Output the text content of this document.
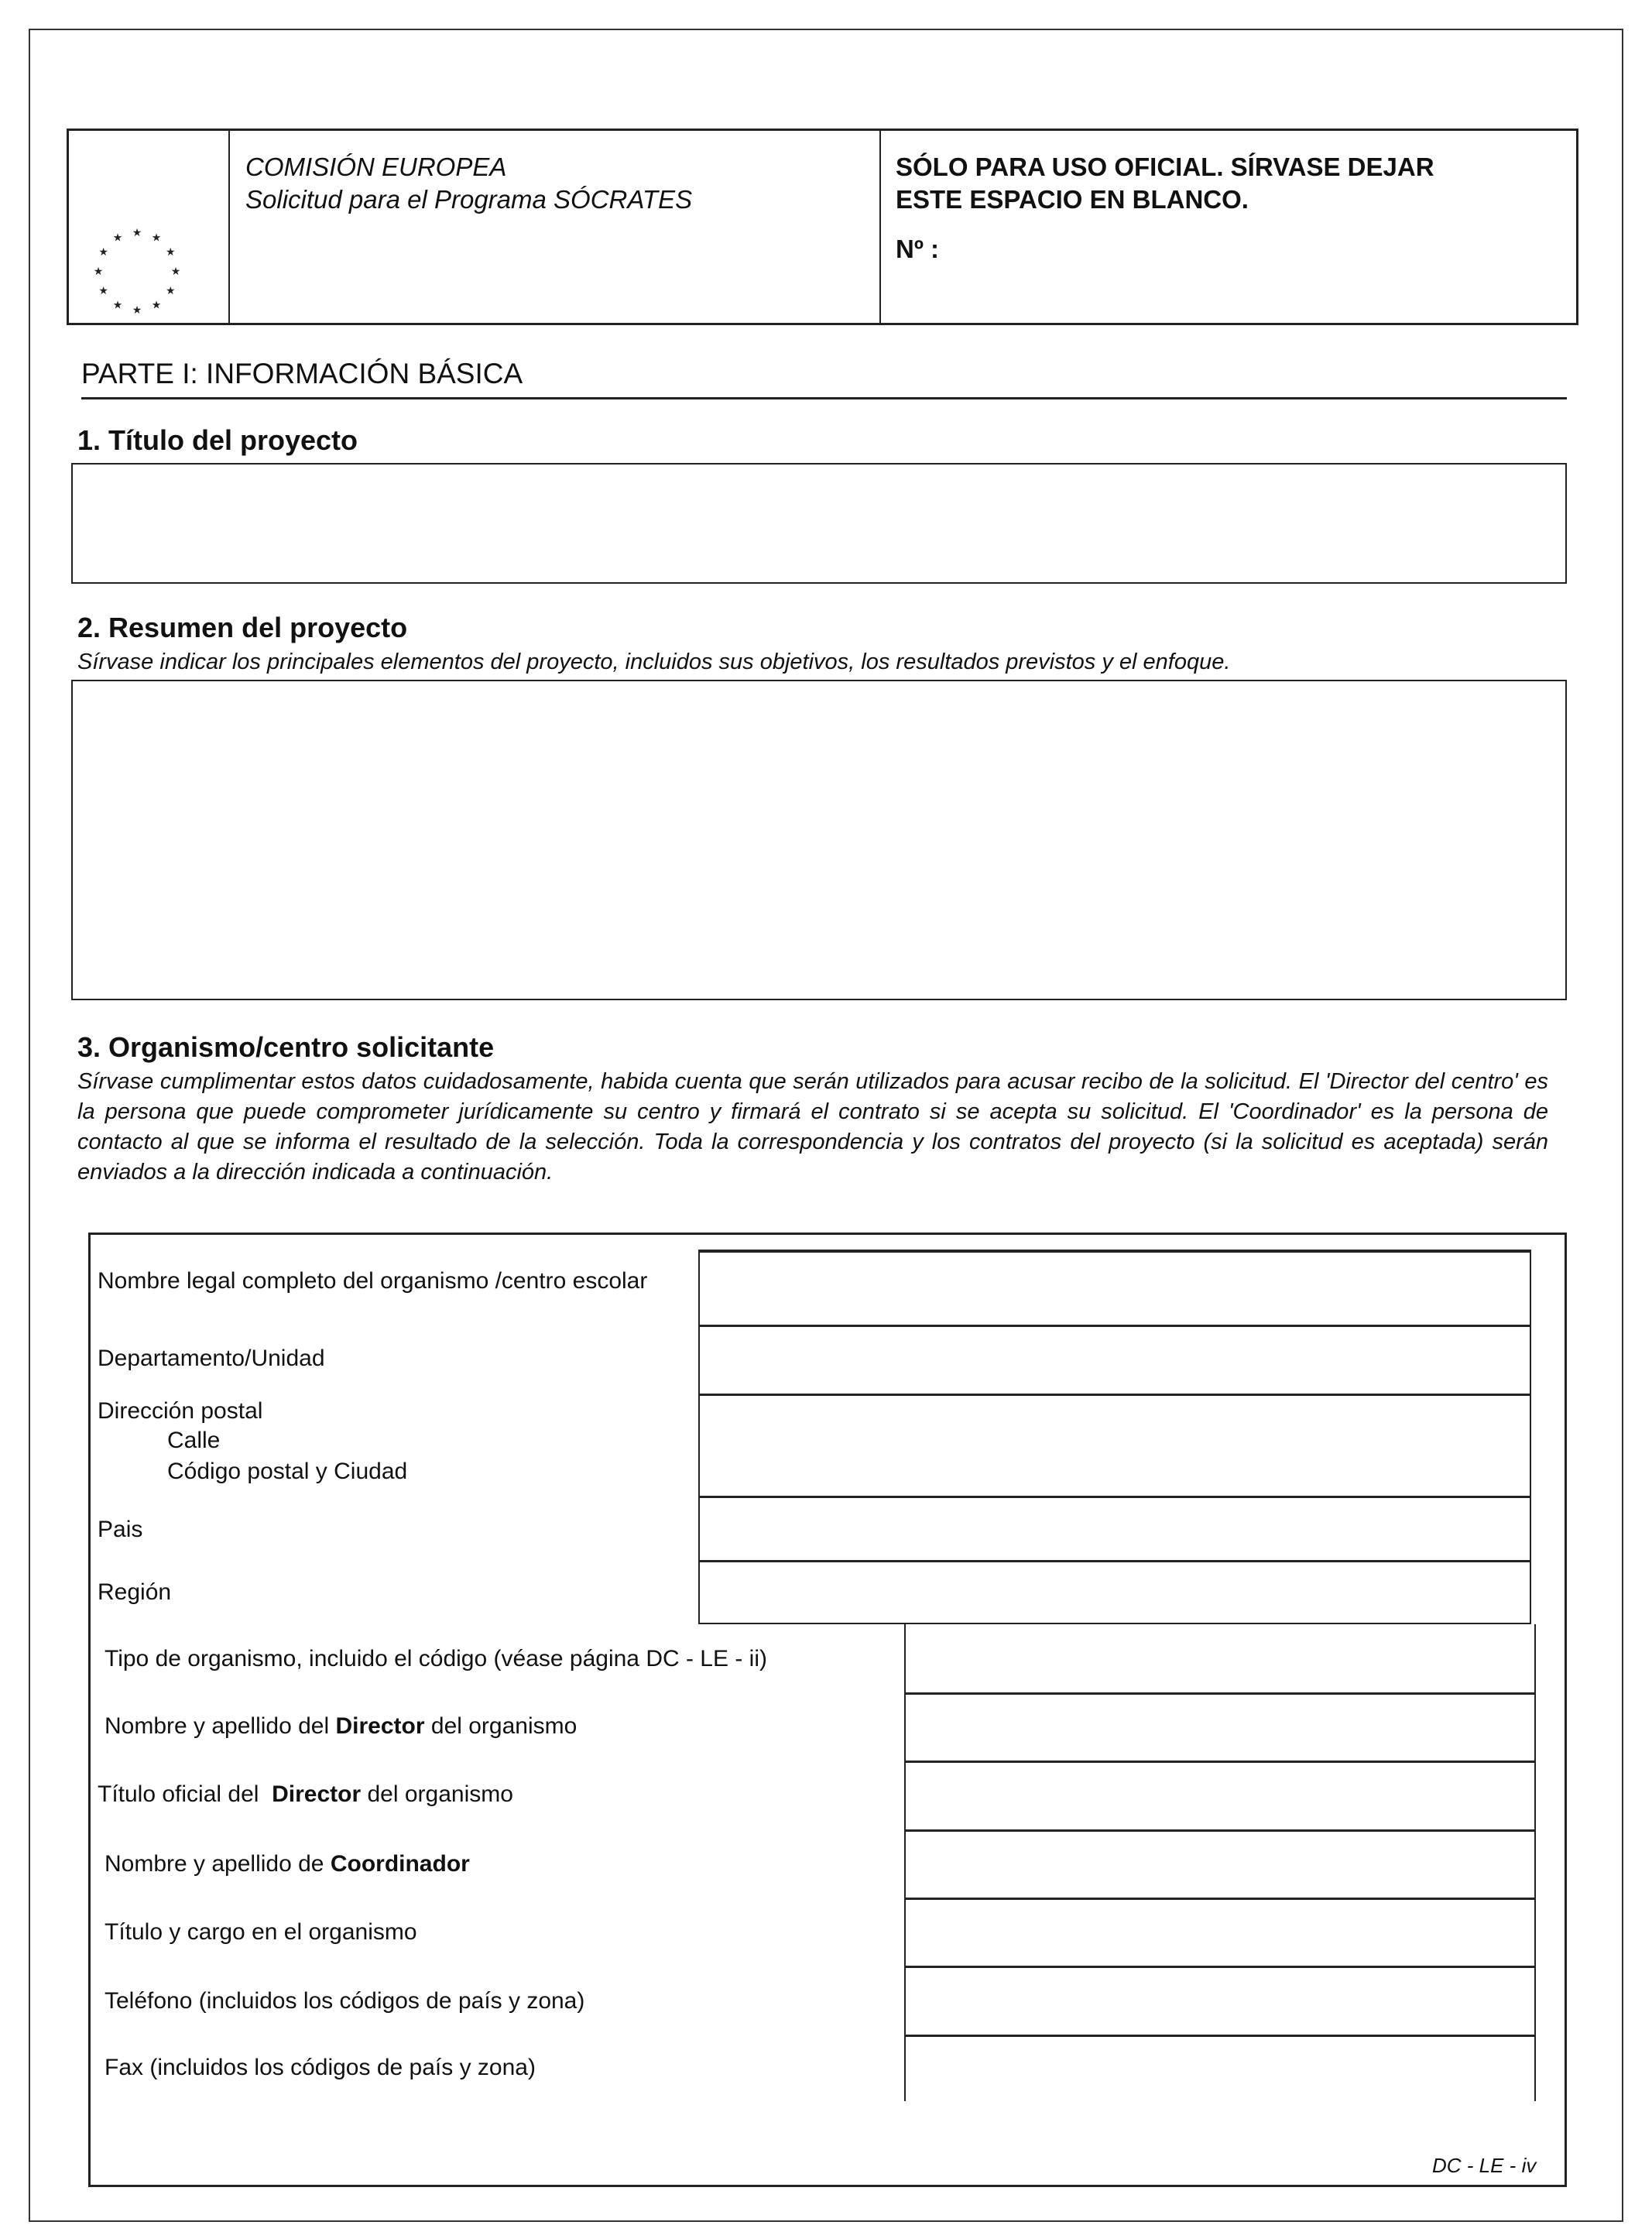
★ ★
★
★
★
★
★
★
★
★
★
★
COMISIÓN EUROPEA
Solicitud para el Programa SÓCRATES
SÓLO PARA USO OFICIAL. SÍRVASE DEJAR
ESTE ESPACIO EN BLANCO.
Nº :
PARTE I: INFORMACIÓN BÁSICA
1. Título del proyecto
2. Resumen del proyecto
Sírvase indicar los principales elementos del proyecto, incluidos sus objetivos, los resultados previstos y el enfoque.
3. Organismo/centro solicitante
Sírvase cumplimentar estos datos cuidadosamente, habida cuenta que serán utilizados para acusar recibo de la solicitud. El 'Director del centro' es la persona que puede comprometer jurídicamente su centro y firmará el contrato si se acepta su solicitud. El 'Coordinador' es la persona de contacto al que se informa el resultado de la selección. Toda la correspondencia y los contratos del proyecto (si la solicitud es aceptada) serán enviados a la dirección indicada a continuación.
Nombre legal completo del organismo /centro escolar
Departamento/Unidad
Dirección postal
Calle
Código postal y Ciudad
Pais
Región
Tipo de organismo, incluido el código (véase página DC - LE - ii)
Nombre y apellido del Director del organismo
Título oficial del  Director del organismo
Nombre y apellido de Coordinador
Título y cargo en el organismo
Teléfono (incluidos los códigos de país y zona)
Fax (incluidos los códigos de país y zona)
DC - LE - iv
